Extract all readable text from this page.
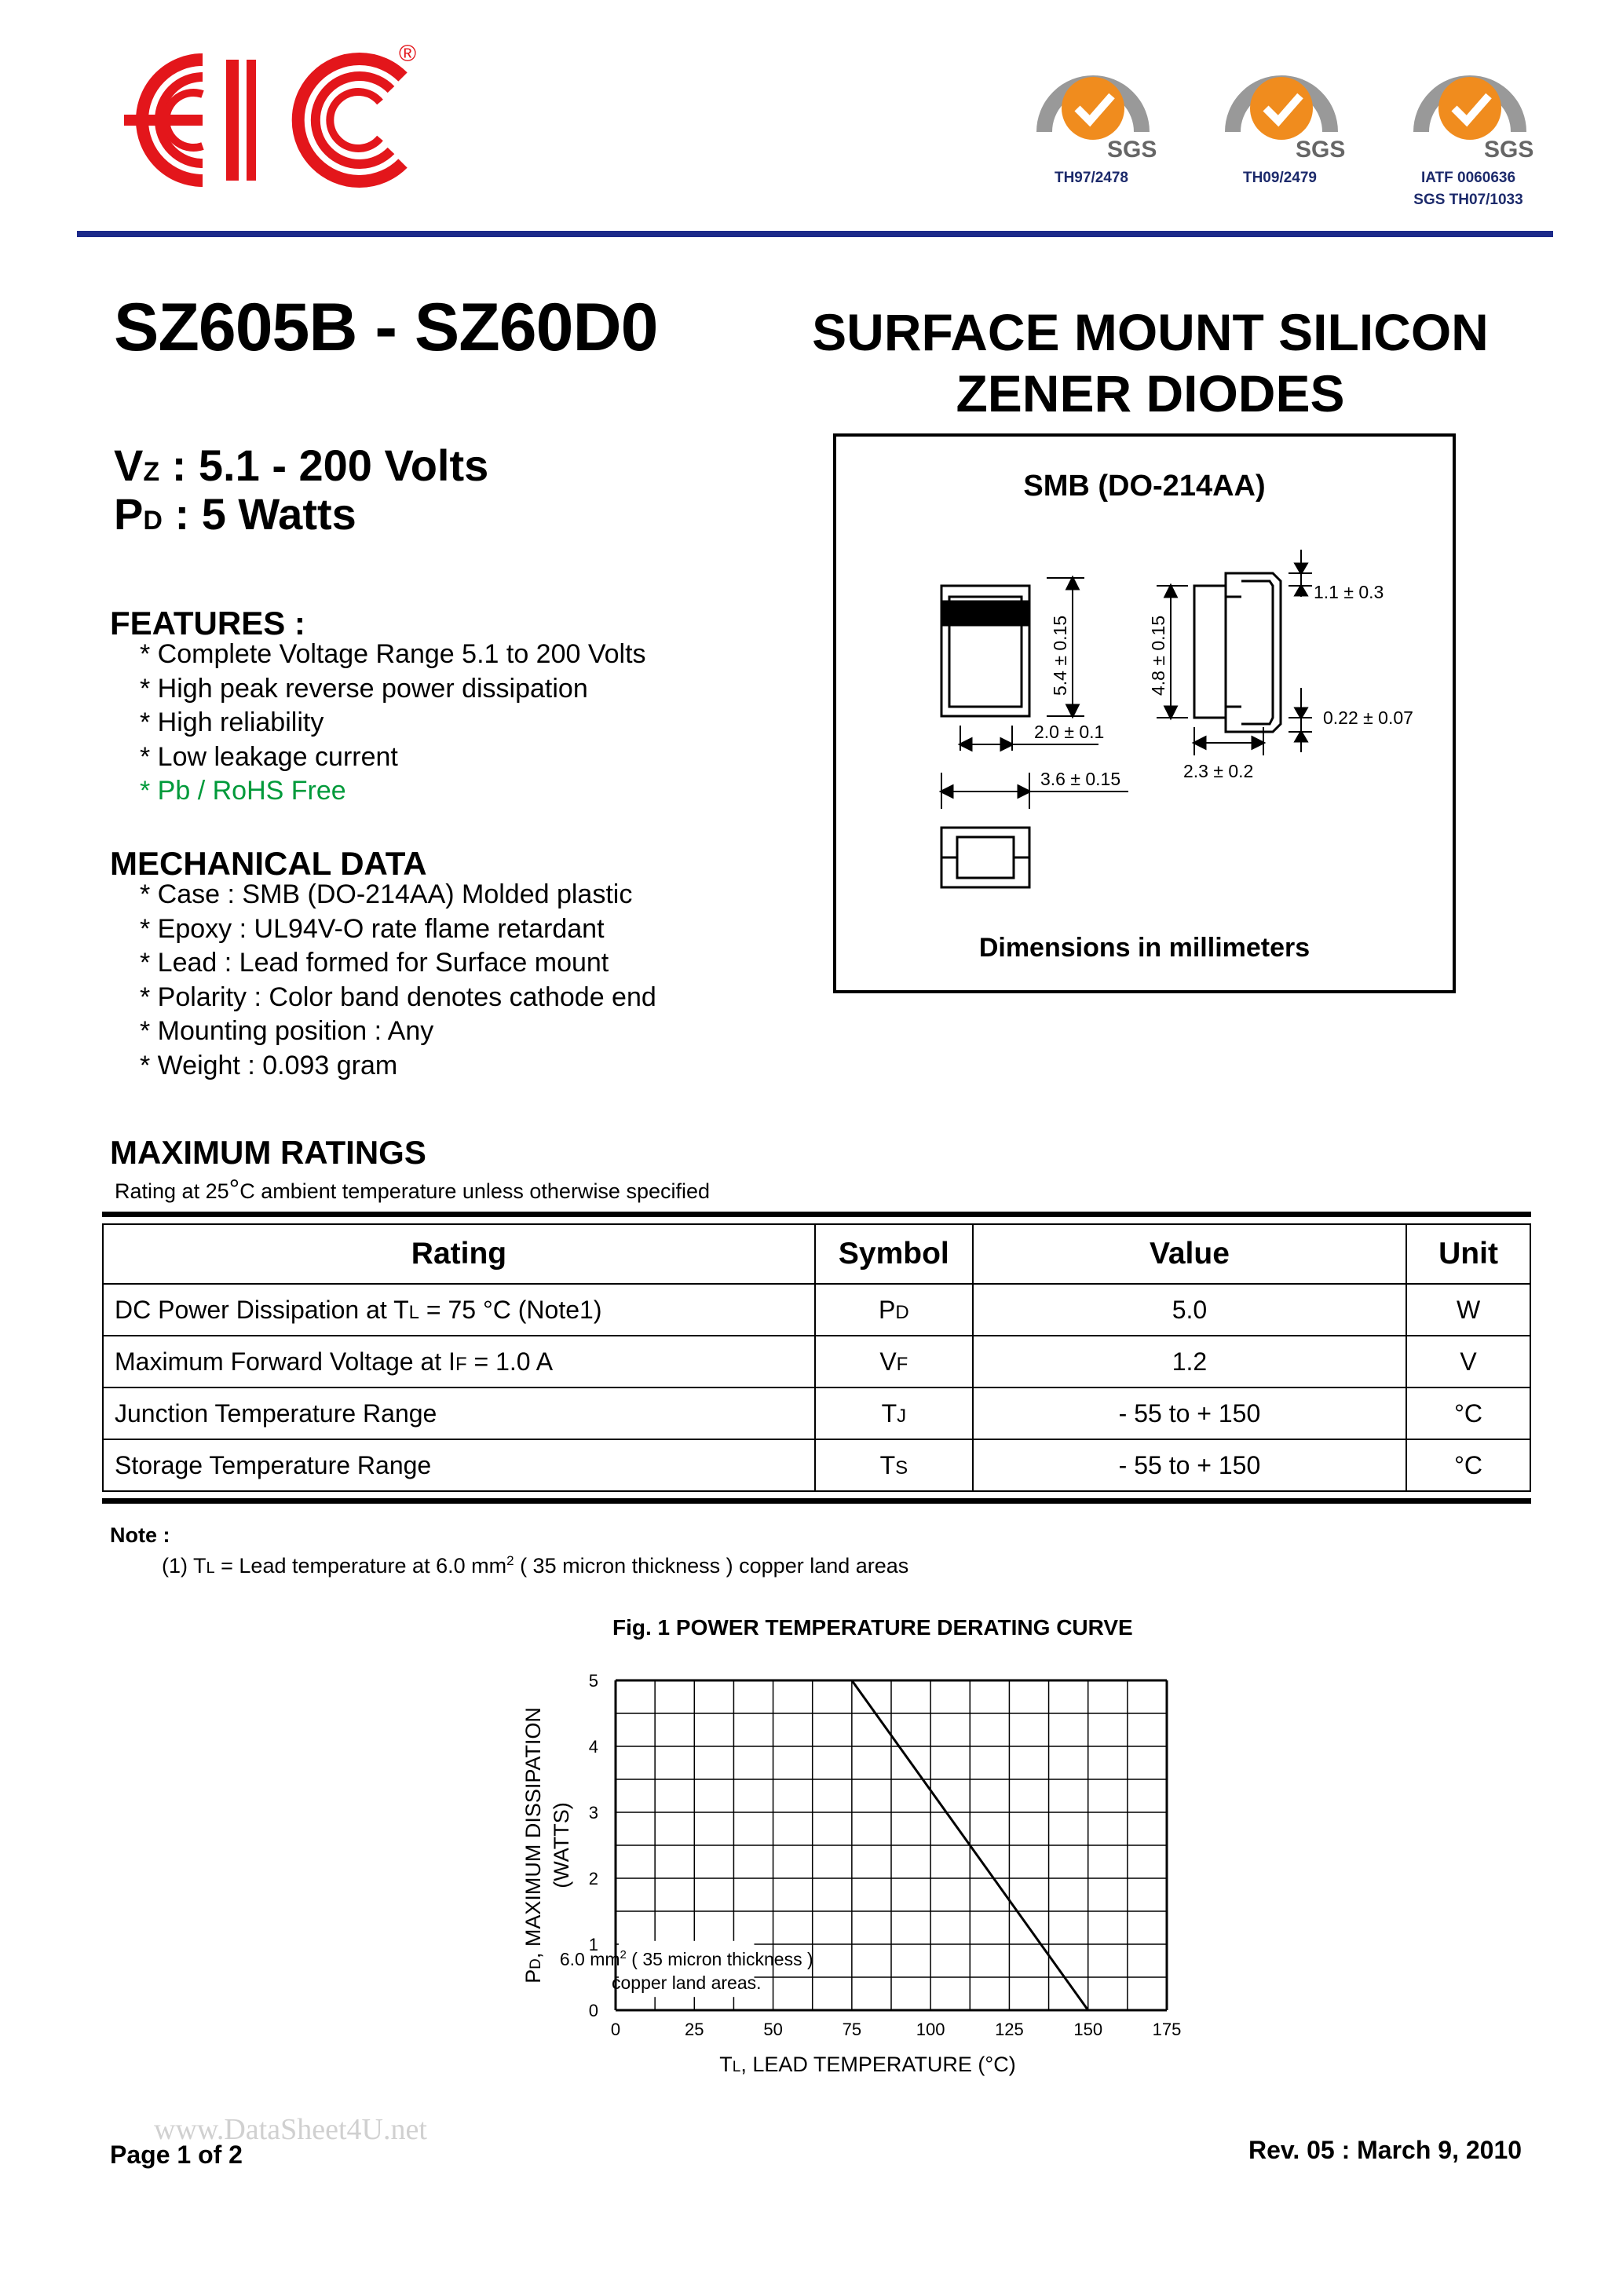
®
SGS
TH97/2478
SGS
TH09/2479
SGS
IATF 0060636
SGS TH07/1033
SZ605B - SZ60D0	SURFACE MOUNT SILICON
ZENER DIODES
VZ : 5.1 - 200 Volts
PD : 5 Watts
FEATURES :
* Complete Voltage Range 5.1 to 200 Volts
* High peak reverse power dissipation
* High reliability
* Low leakage current
* Pb / RoHS Free
MECHANICAL DATA
* Case : SMB (DO-214AA) Molded plastic
* Epoxy : UL94V-O rate flame retardant
* Lead : Lead formed for Surface mount
* Polarity : Color band denotes cathode end
* Mounting position : Any
* Weight : 0.093 gram
SMB (DO-214AA)
5.4 ± 0.15	4.8 ± 0.15
1.1 ± 0.3
0.22 ± 0.07
2.0 ± 0.1
3.6 ± 0.15	2.3 ± 0.2
Dimensions in millimeters
MAXIMUM RATINGS
Rating at 25°C ambient temperature unless otherwise specified
Rating	Symbol	Value	Unit
DC Power Dissipation at TL = 75 °C (Note1)	PD	5.0	W
Maximum Forward Voltage at IF = 1.0 A	VF	1.2	V
Junction Temperature Range	TJ	- 55 to + 150	°C
Storage Temperature Range	TS	- 55 to + 150	°C
Note :
(1) TL = Lead temperature at 6.0 $mm^2$ ( 35 micron thickness ) copper land areas
Fig. 1 POWER TEMPERATURE DERATING CURVE
0	25	50	75	100	125	150	175
0
1
2
3
4
5
6.0 $mm^2$ ( 35 micron thickness )
copper land areas.
TL, LEAD TEMPERATURE (°C)
PD, MAXIMUM DISSIPATION (WATTS)
www.DataSheet4U.net
Page 1 of 2	Rev. 05 : March 9, 2010
